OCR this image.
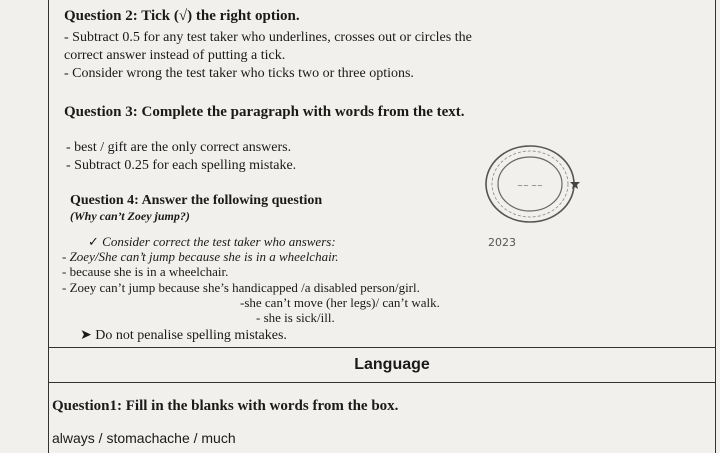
Question 2: Tick (√) the right option.
- Subtract 0.5 for any test taker who underlines, crosses out or circles the
correct answer instead of putting a tick.
- Consider wrong the test taker who ticks two or three options.
Question 3: Complete the paragraph with words from the text.
- best / gift are the only correct answers.
- Subtract 0.25 for each spelling mistake.
~~ ~~
2023
Question 4: Answer the following question
(Why can’t Zoey jump?)
✓ Consider correct the test taker who answers:
- Zoey/She can’t jump because she is in a wheelchair.
- because she is in a wheelchair.
- Zoey can’t jump because she’s handicapped /a disabled person/girl.
-she can’t move (her legs)/ can’t walk.
- she is sick/ill.
➤ Do not penalise spelling mistakes.
Language
Question1: Fill in the blanks with words from the box.
always / stomachache / much
